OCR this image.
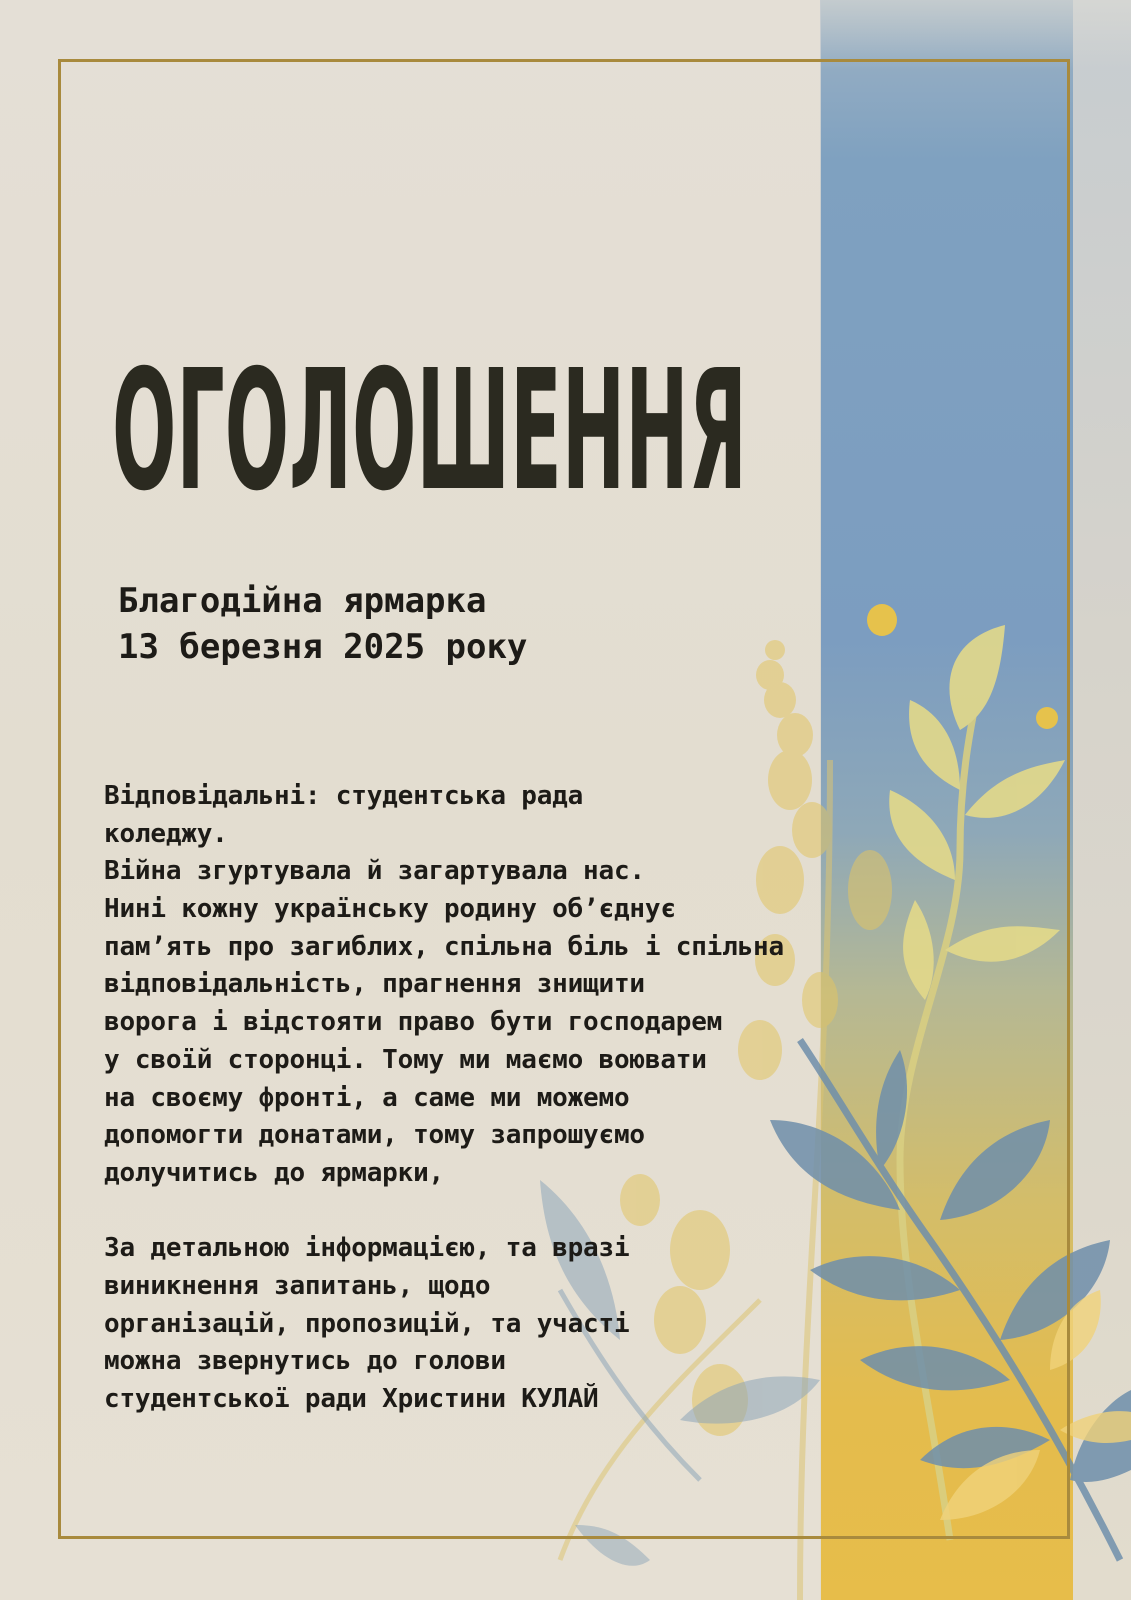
ОГОЛОШЕННЯ
Благодійна ярмарка
13 березня 2025 року
Відповідальні: студентська рада
коледжу.
Війна згуртувала й загартувала нас.
Нині кожну українську родину об’єднує
пам’ять про загиблих, спільна біль і спільна
відповідальність, прагнення знищити
ворога і відстояти право бути господарем
у своїй сторонці. Тому ми маємо воювати
на своєму фронті, а саме ми можемо
допомогти донатами, тому запрошуємо
долучитись до ярмарки,
За детальною інформацією, та вразі
виникнення запитань, щодо
організацій, пропозицій, та участі
можна звернутись до голови
студентської ради Христини КУЛАЙ
